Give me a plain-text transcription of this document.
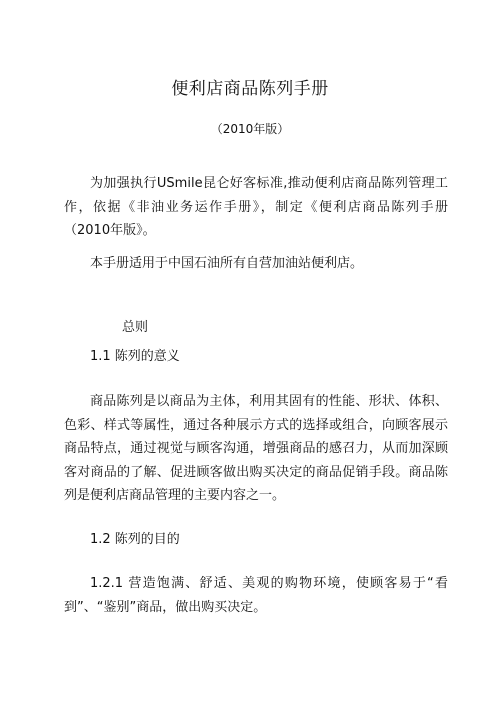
便利店商品陈列手册
（2010年版）
为加强执行USmile昆仑好客标准,推动便利店商品陈列管理工作，依据《非油业务运作手册》，制定《便利店商品陈列手册（2010年版》。
本手册适用于中国石油所有自营加油站便利店。
总则
1.1 陈列的意义
商品陈列是以商品为主体，利用其固有的性能、形状、体积、色彩、样式等属性，通过各种展示方式的选择或组合，向顾客展示商品特点，通过视觉与顾客沟通，增强商品的感召力，从而加深顾客对商品的了解、促进顾客做出购买决定的商品促销手段。商品陈列是便利店商品管理的主要内容之一。
1.2 陈列的目的
1.2.1 营造饱满、舒适、美观的购物环境，使顾客易于“看到”、“鉴别”商品，做出购买决定。
